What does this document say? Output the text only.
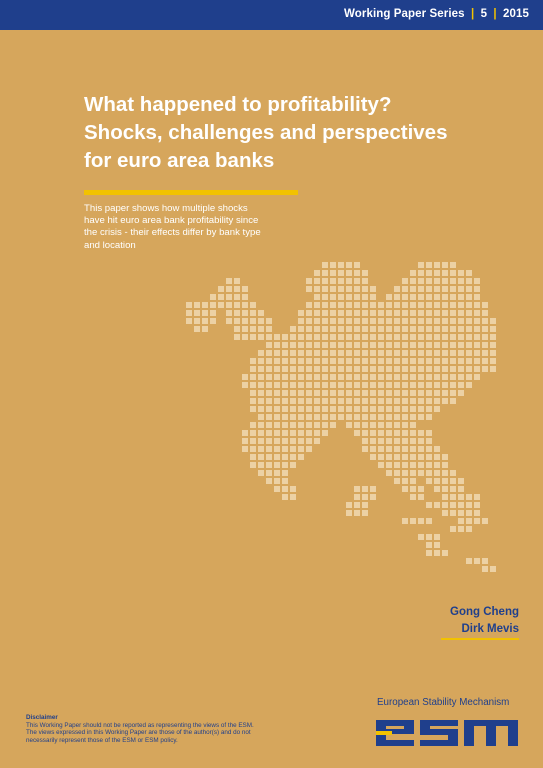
Working Paper Series | 5 | 2015
What happened to profitability?
Shocks, challenges and perspectives
for euro area banks
This paper shows how multiple shocks
have hit euro area bank profitability since
the crisis - their effects differ by bank type
and location
Gong Cheng
Dirk Mevis
Disclaimer
This Working Paper should not be reported as representing the views of the ESM.
The views expressed in this Working Paper are those of the author(s) and do not
necessarily represent those of the ESM or ESM policy.
European Stability Mechanism
esm
